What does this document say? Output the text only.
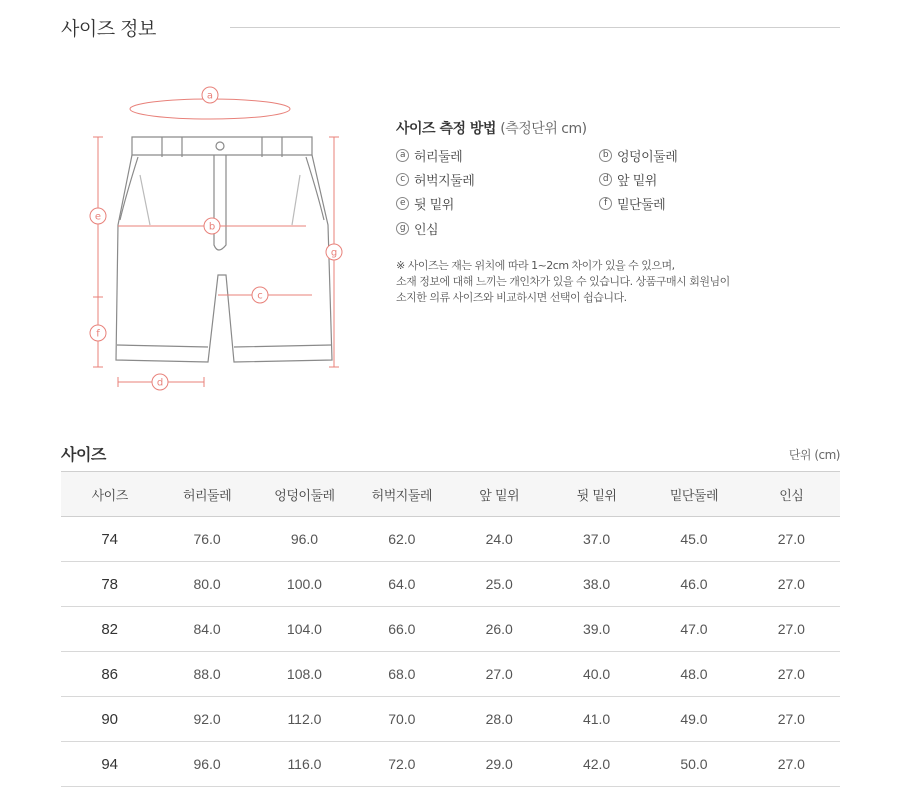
사이즈 정보
a
b
c
d
e
f
g
사이즈 측정 방법 (측정단위 cm)
a 허리둘레	b 엉덩이둘레
c 허벅지둘레	d 앞 밑위
e 뒷 밑위	f 밑단둘레
g 인심
※ 사이즈는 재는 위치에 따라 1~2cm 차이가 있을 수 있으며,
소재 정보에 대해 느끼는 개인차가 있을 수 있습니다. 상품구매시 회원님이
소지한 의류 사이즈와 비교하시면 선택이 쉽습니다.
사이즈	단위 (cm)
사이즈	허리둘레	엉덩이둘레	허벅지둘레	앞 밑위	뒷 밑위	밑단둘레	인심
74	76.0	96.0	62.0	24.0	37.0	45.0	27.0
78	80.0	100.0	64.0	25.0	38.0	46.0	27.0
82	84.0	104.0	66.0	26.0	39.0	47.0	27.0
86	88.0	108.0	68.0	27.0	40.0	48.0	27.0
90	92.0	112.0	70.0	28.0	41.0	49.0	27.0
94	96.0	116.0	72.0	29.0	42.0	50.0	27.0
